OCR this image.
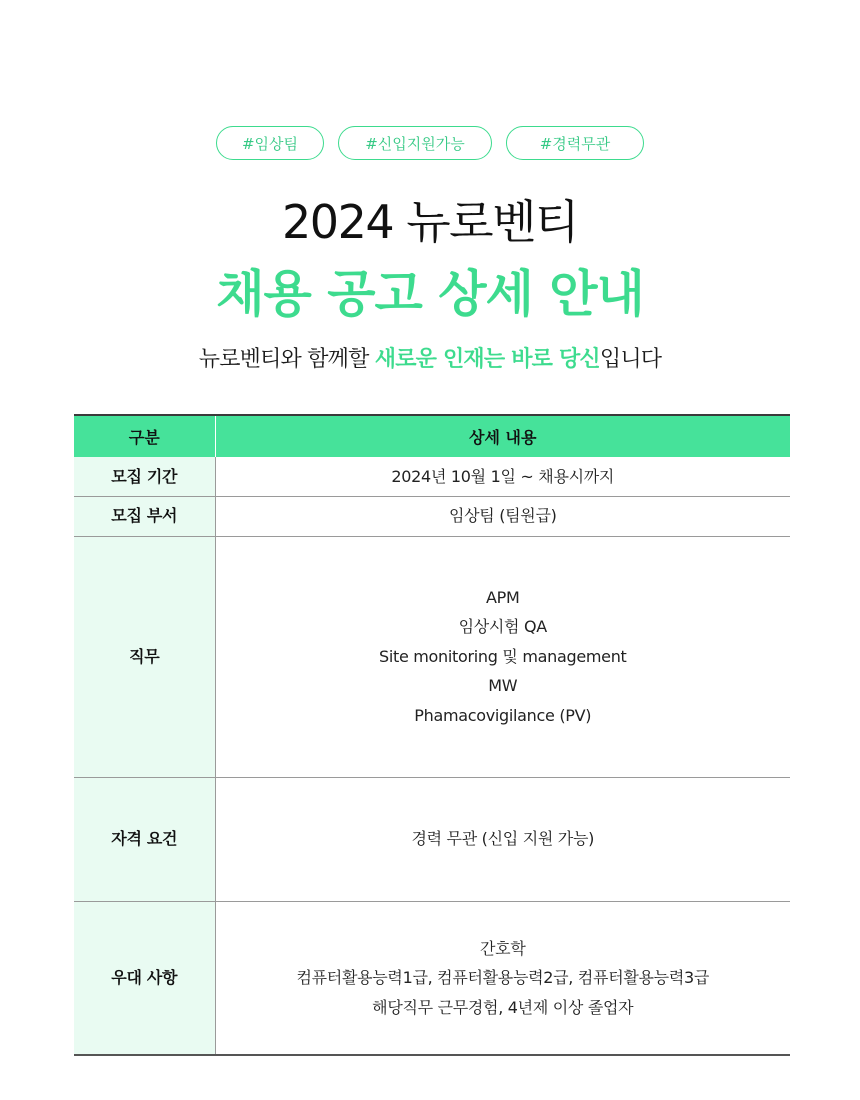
#임상팀	#신입지원가능	#경력무관
2024 뉴로벤티
채용 공고 상세 안내

뉴로벤티와 함께할 새로운 인재는 바로 당신입니다

구분	상세 내용
모집 기간	2024년 10월 1일 ~ 채용시까지

모집 부서	임상팀 (팀원급)

직무	APM
임상시험 QA
Site monitoring 및 management
MW
Phamacovigilance (PV)

자격 요건	경력 무관 (신입 지원 가능)

우대 사항	간호학
컴퓨터활용능력1급, 컴퓨터활용능력2급, 컴퓨터활용능력3급
해당직무 근무경험, 4년제 이상 졸업자
